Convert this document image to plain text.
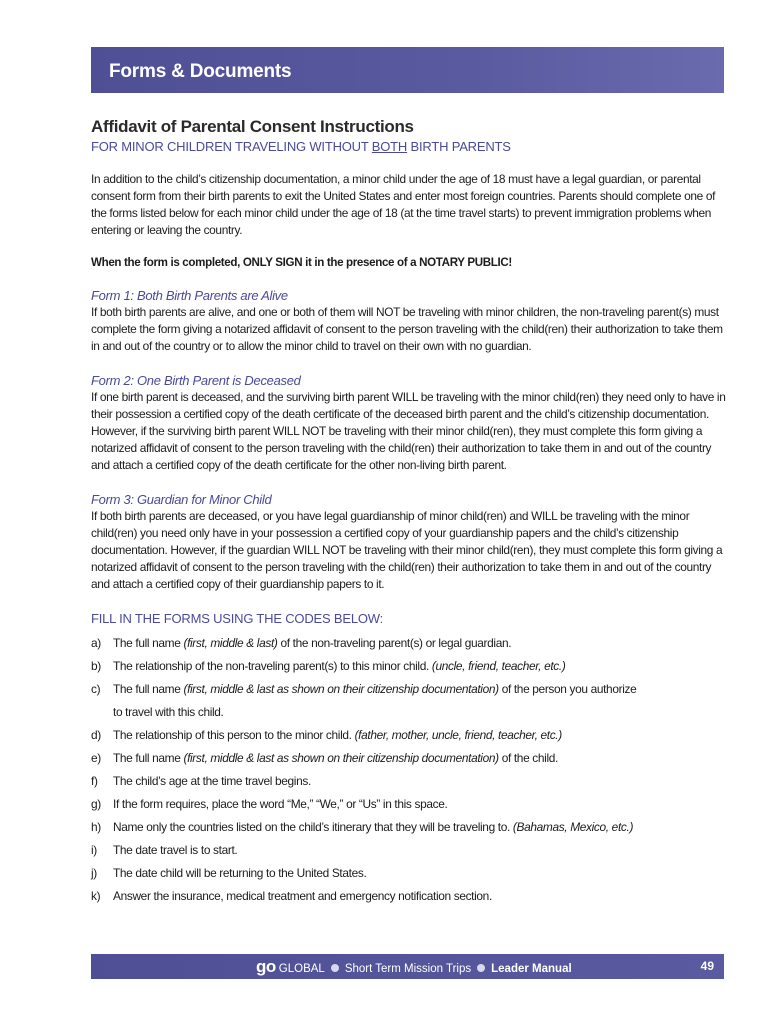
Forms & Documents
Affidavit of Parental Consent Instructions
FOR MINOR CHILDREN TRAVELING WITHOUT BOTH BIRTH PARENTS

In addition to the child’s citizenship documentation, a minor child under the age of 18 must have a legal guardian, or parental consent form from their birth parents to exit the United States and enter most foreign countries. Parents should complete one of the forms listed below for each minor child under the age of 18 (at the time travel starts) to prevent immigration problems when entering or leaving the country.

When the form is completed, ONLY SIGN it in the presence of a NOTARY PUBLIC!

Form 1: Both Birth Parents are Alive

If both birth parents are alive, and one or both of them will NOT be traveling with minor children, the non-traveling parent(s) must complete the form giving a notarized affidavit of consent to the person traveling with the child(ren) their authorization to take them in and out of the country or to allow the minor child to travel on their own with no guardian.

Form 2: One Birth Parent is Deceased

If one birth parent is deceased, and the surviving birth parent WILL be traveling with the minor child(ren) they need only to have in their possession a certified copy of the death certificate of the deceased birth parent and the child’s citizenship documentation. However, if the surviving birth parent WILL NOT be traveling with their minor child(ren), they must complete this form giving a notarized affidavit of consent to the person traveling with the child(ren) their authorization to take them in and out of the country and attach a certified copy of the death certificate for the other non-living birth parent.

Form 3: Guardian for Minor Child

If both birth parents are deceased, or you have legal guardianship of minor child(ren) and WILL be traveling with the minor child(ren) you need only have in your possession a certified copy of your guardianship papers and the child’s citizenship documentation. However, if the guardian WILL NOT be traveling with their minor child(ren), they must complete this form giving a notarized affidavit of consent to the person traveling with the child(ren) their authorization to take them in and out of the country and attach a certified copy of their guardianship papers to it.

FILL IN THE FORMS USING THE CODES BELOW:
a)	The full name (first, middle & last) of the non-traveling parent(s) or legal guardian.
b)	The relationship of the non-traveling parent(s) to this minor child. (uncle, friend, teacher, etc.)
c)	The full name (first, middle & last as shown on their citizenship documentation) of the person you authorize
to travel with this child.
d)	The relationship of this person to the minor child. (father, mother, uncle, friend, teacher, etc.)
e)	The full name (first, middle & last as shown on their citizenship documentation) of the child.
f)	The child’s age at the time travel begins.
g)	If the form requires, place the word “Me,” “We,” or “Us” in this space.
h)	Name only the countries listed on the child’s itinerary that they will be traveling to. (Bahamas, Mexico, etc.)
i)	The date travel is to start.
j)	The date child will be returning to the United States.
k)	Answer the insurance, medical treatment and emergency notification section.
go GLOBAL Short Term Mission Trips Leader Manual	49
